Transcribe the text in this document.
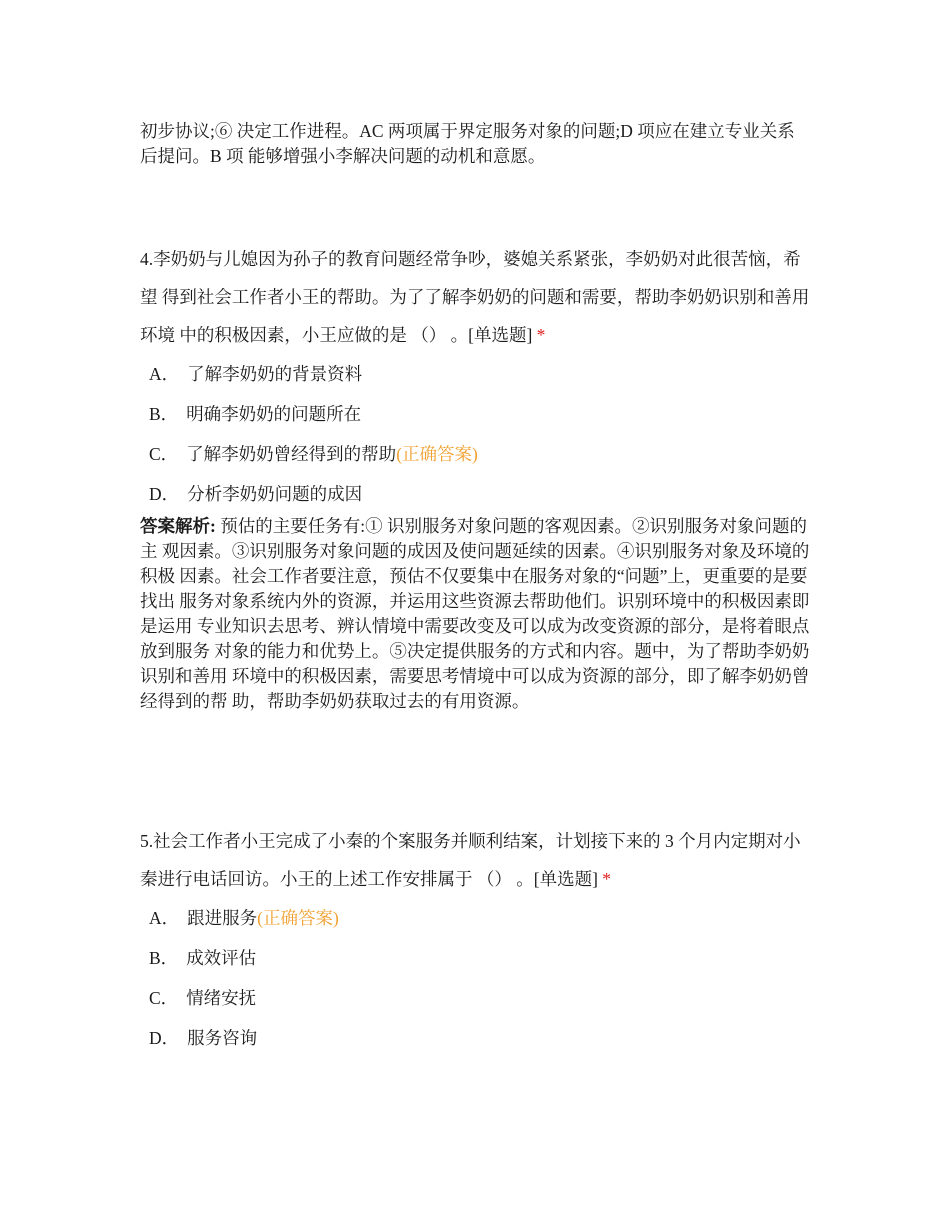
初步协议;⑥ 决定工作进程。AC 两项属于界定服务对象的问题;D 项应在建立专业关系后提问。B 项 能够增强小李解决问题的动机和意愿。

4.李奶奶与儿媳因为孙子的教育问题经常争吵，婆媳关系紧张，李奶奶对此很苦恼，希望 得到社会工作者小王的帮助。为了了解李奶奶的问题和需要，帮助李奶奶识别和善用环境 中的积极因素，小王应做的是 （） 。[单选题] *

A． 了解李奶奶的背景资料
B． 明确李奶奶的问题所在
C． 了解李奶奶曾经得到的帮助(正确答案)
D． 分析李奶奶问题的成因

答案解析: 预估的主要任务有:① 识别服务对象问题的客观因素。②识别服务对象问题的主 观因素。③识别服务对象问题的成因及使问题延续的因素。④识别服务对象及环境的积极 因素。社会工作者要注意，预估不仅要集中在服务对象的“问题”上，更重要的是要找出 服务对象系统内外的资源，并运用这些资源去帮助他们。识别环境中的积极因素即是运用 专业知识去思考、辨认情境中需要改变及可以成为改变资源的部分，是将着眼点放到服务 对象的能力和优势上。⑤决定提供服务的方式和内容。题中，为了帮助李奶奶识别和善用 环境中的积极因素，需要思考情境中可以成为资源的部分，即了解李奶奶曾经得到的帮 助，帮助李奶奶获取过去的有用资源。

5.社会工作者小王完成了小秦的个案服务并顺利结案，计划接下来的 3 个月内定期对小秦进行电话回访。小王的上述工作安排属于 （） 。[单选题] *

A． 跟进服务(正确答案)
B． 成效评估
C． 情绪安抚
D． 服务咨询
